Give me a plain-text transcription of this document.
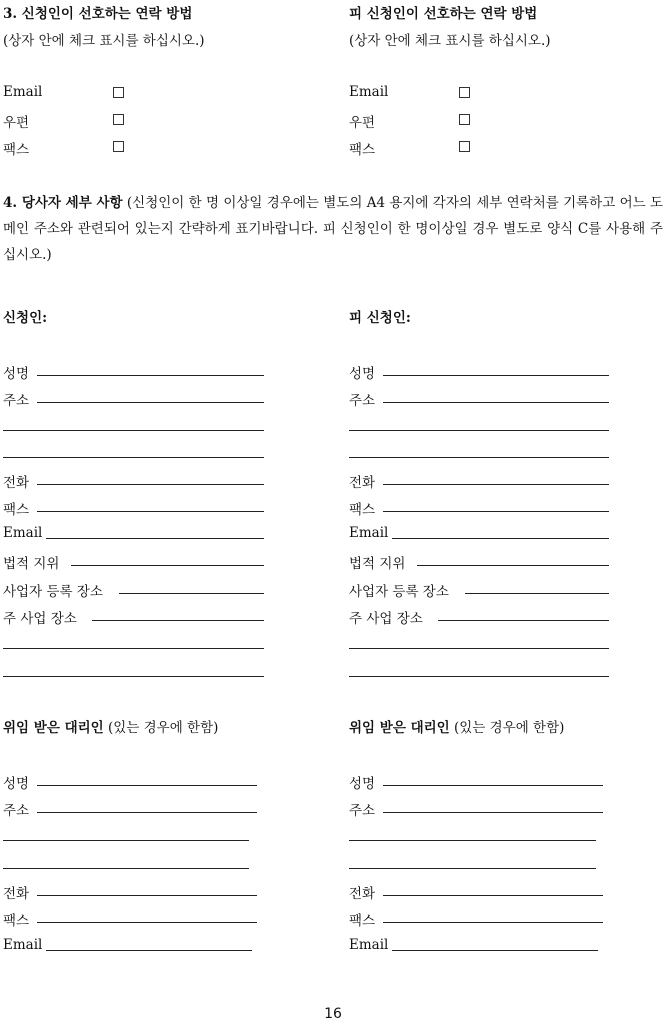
3. 신청인이 선호하는 연락 방법
(상자 안에 체크 표시를 하십시오.)
피 신청인이 선호하는 연락 방법
(상자 안에 체크 표시를 하십시오.)
Email
우편
팩스
Email
우편
팩스
4. 당사자 세부 사항 (신청인이 한 명 이상일 경우에는 별도의 A4 용지에 각자의 세부 연락처를 기록하고 어느 도메인 주소와 관련되어 있는지 간략하게 표기바랍니다. 피 신청인이 한 명이상일 경우 별도로 양식 C를 사용해 주십시오.)
신청인:	피 신청인:
성명
주소
전화
팩스
Email
법적 지위
사업자 등록 장소
주 사업 장소
성명
주소
전화
팩스
Email
법적 지위
사업자 등록 장소
주 사업 장소
위임 받은 대리인 (있는 경우에 한함)	위임 받은 대리인 (있는 경우에 한함)
성명
주소
전화
팩스
Email
성명
주소
전화
팩스
Email
16
